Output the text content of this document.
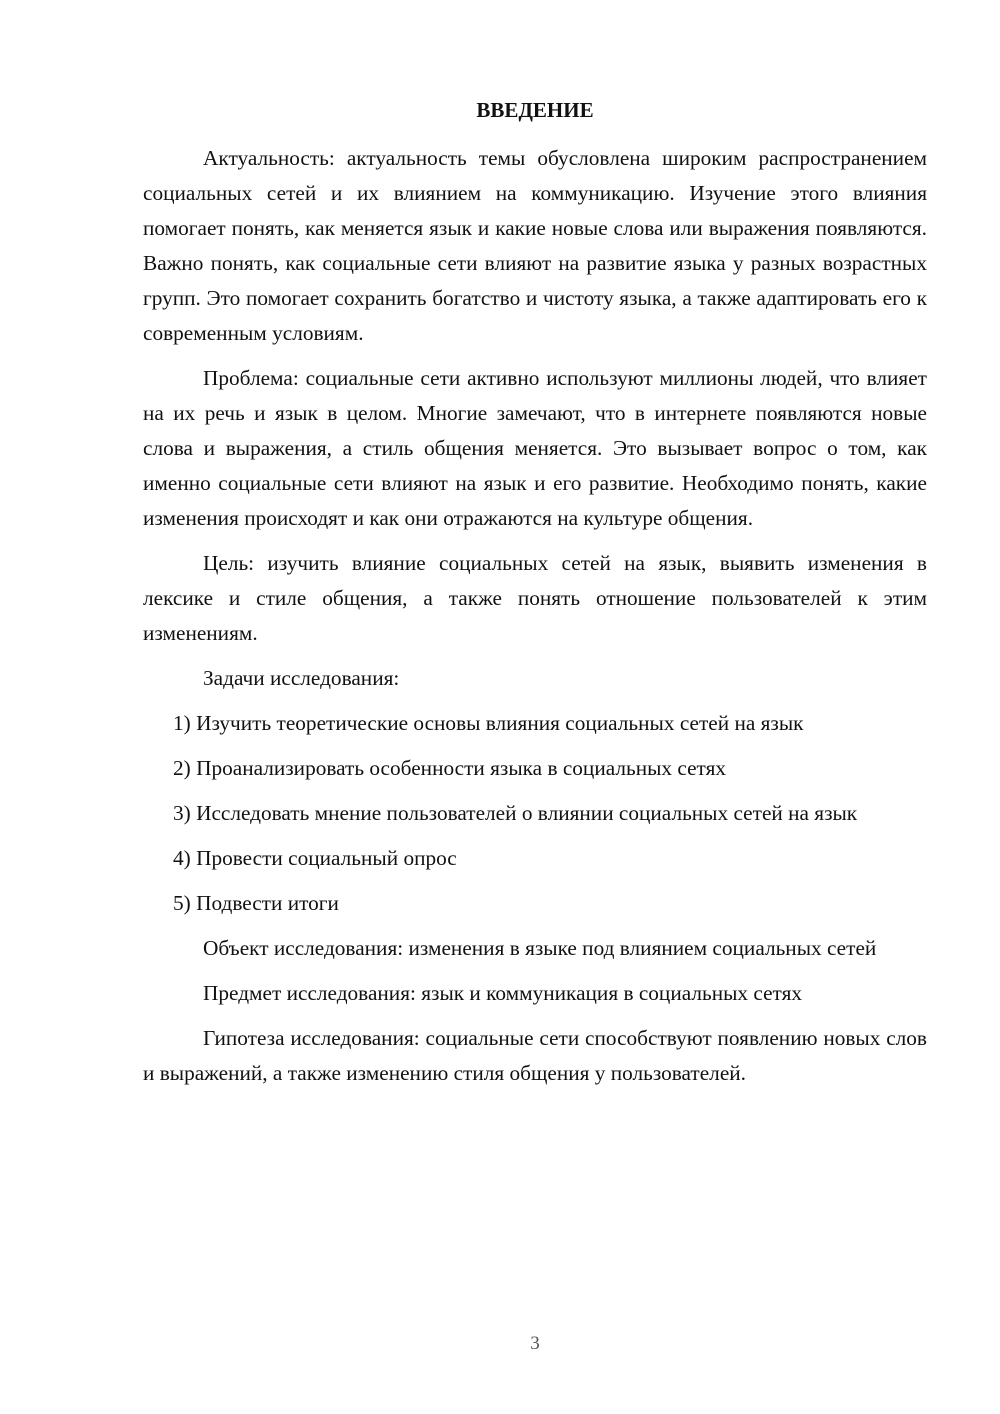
ВВЕДЕНИЕ

Актуальность: актуальность темы обусловлена широким распространением социальных сетей и их влиянием на коммуникацию. Изучение этого влияния помогает понять, как меняется язык и какие новые слова или выражения появляются. Важно понять, как социальные сети влияют на развитие языка у разных возрастных групп. Это помогает сохранить богатство и чистоту языка, а также адаптировать его к современным условиям.

Проблема: социальные сети активно используют миллионы людей, что влияет на их речь и язык в целом. Многие замечают, что в интернете появляются новые слова и выражения, а стиль общения меняется. Это вызывает вопрос о том, как именно социальные сети влияют на язык и его развитие. Необходимо понять, какие изменения происходят и как они отражаются на культуре общения.

Цель: изучить влияние социальных сетей на язык, выявить изменения в лексике и стиле общения, а также понять отношение пользователей к этим изменениям.

Задачи исследования:

1) Изучить теоретические основы влияния социальных сетей на язык

2) Проанализировать особенности языка в социальных сетях

3) Исследовать мнение пользователей о влиянии социальных сетей на язык

4) Провести социальный опрос

5) Подвести итоги

Объект исследования: изменения в языке под влиянием социальных сетей

Предмет исследования: язык и коммуникация в социальных сетях

Гипотеза исследования: социальные сети способствуют появлению новых слов и выражений, а также изменению стиля общения у пользователей.

3
